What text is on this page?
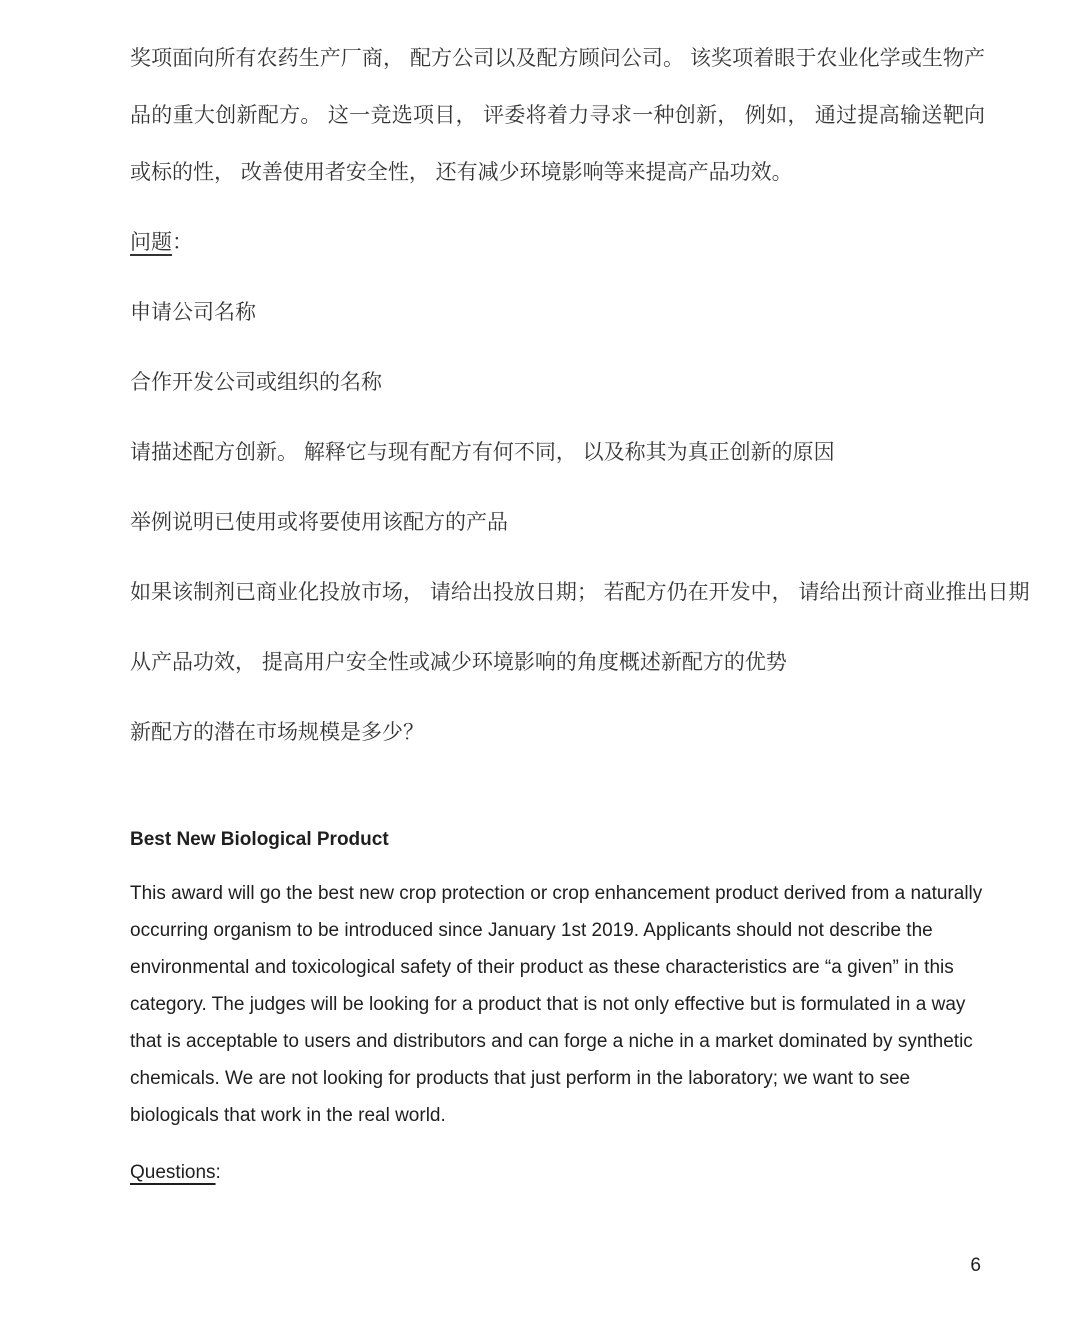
奖项面向所有农药生产厂商， 配方公司以及配方顾问公司。 该奖项着眼于农业化学或生物产品的重大创新配方。 这一竞选项目， 评委将着力寻求一种创新， 例如， 通过提高输送靶向或标的性， 改善使用者安全性， 还有减少环境影响等来提高产品功效。

问题：

申请公司名称

合作开发公司或组织的名称

请描述配方创新。 解释它与现有配方有何不同， 以及称其为真正创新的原因

举例说明已使用或将要使用该配方的产品

如果该制剂已商业化投放市场， 请给出投放日期； 若配方仍在开发中， 请给出预计商业推出日期

从产品功效， 提高用户安全性或减少环境影响的角度概述新配方的优势

新配方的潜在市场规模是多少？

Best New Biological Product

This award will go the best new crop protection or crop enhancement product derived from a naturally occurring organism to be introduced since January 1st 2019. Applicants should not describe the environmental and toxicological safety of their product as these characteristics are “a given” in this category. The judges will be looking for a product that is not only effective but is formulated in a way that is acceptable to users and distributors and can forge a niche in a market dominated by synthetic chemicals. We are not looking for products that just perform in the laboratory; we want to see biologicals that work in the real world.

Questions:

6
